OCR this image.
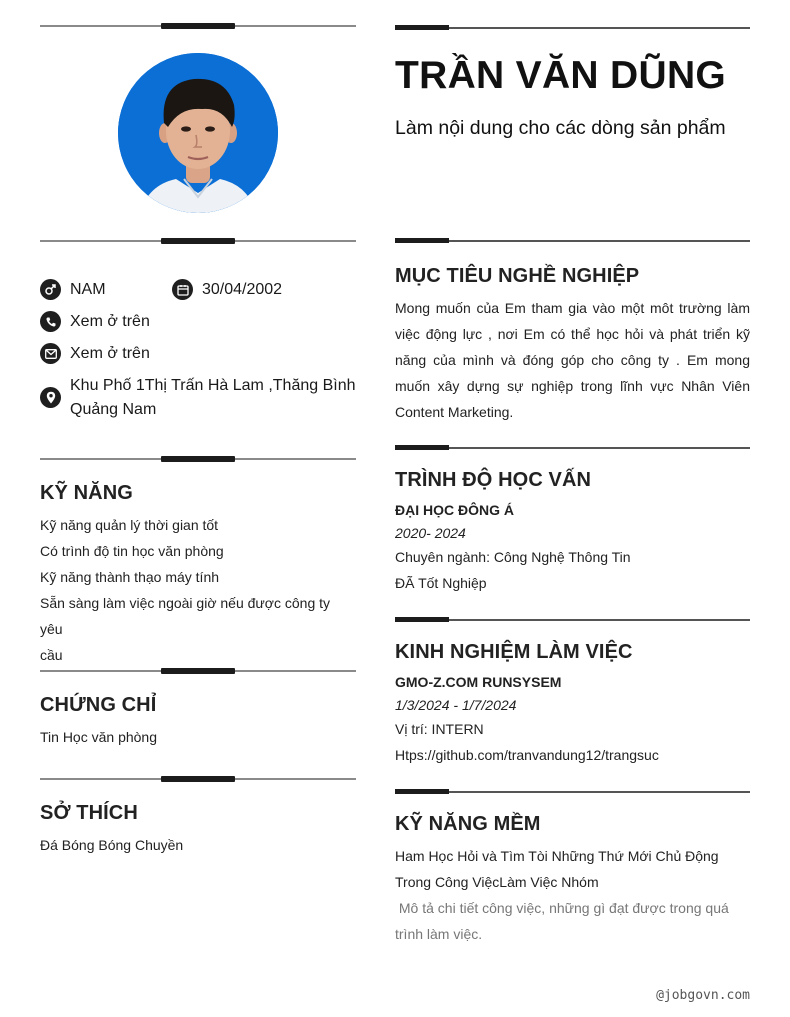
NAM	30/04/2002
Xem ở trên
Xem ở trên
Khu Phố 1Thị Trấn Hà Lam ,Thăng Bình
Quảng Nam
KỸ NĂNG
Kỹ năng quản lý thời gian tốt
Có trình độ tin học văn phòng
Kỹ năng thành thạo máy tính
Sẵn sàng làm việc ngoài giờ nếu được công ty yêu
cầu
CHỨNG CHỈ
Tin Học văn phòng
SỞ THÍCH
Đá Bóng Bóng Chuyền
TRẦN VĂN DŨNG
Làm nội dung cho các dòng sản phẩm
MỤC TIÊU NGHỀ NGHIỆP
Mong muốn của Em tham gia vào một môt trường làm việc động lực , nơi Em có thể học hỏi và phát triển kỹ năng của mình và đóng góp cho công ty . Em mong muốn xây dựng sự nghiệp trong lĩnh vực Nhân Viên Content Marketing.
TRÌNH ĐỘ HỌC VẤN
ĐẠI HỌC ĐÔNG Á
2020- 2024
Chuyên ngành: Công Nghệ Thông Tin
ĐÃ Tốt Nghiệp
KINH NGHIỆM LÀM VIỆC
GMO-Z.COM RUNSYSEM
1/3/2024 - 1/7/2024
Vị trí: INTERN
Htps://github.com/tranvandung12/trangsuc
KỸ NĂNG MỀM
Ham Học Hỏi và Tìm Tòi Những Thứ Mới Chủ Động
Trong Công ViệcLàm Việc Nhóm
Mô tả chi tiết công việc, những gì đạt được trong quá trình làm việc.
@jobgovn.com
